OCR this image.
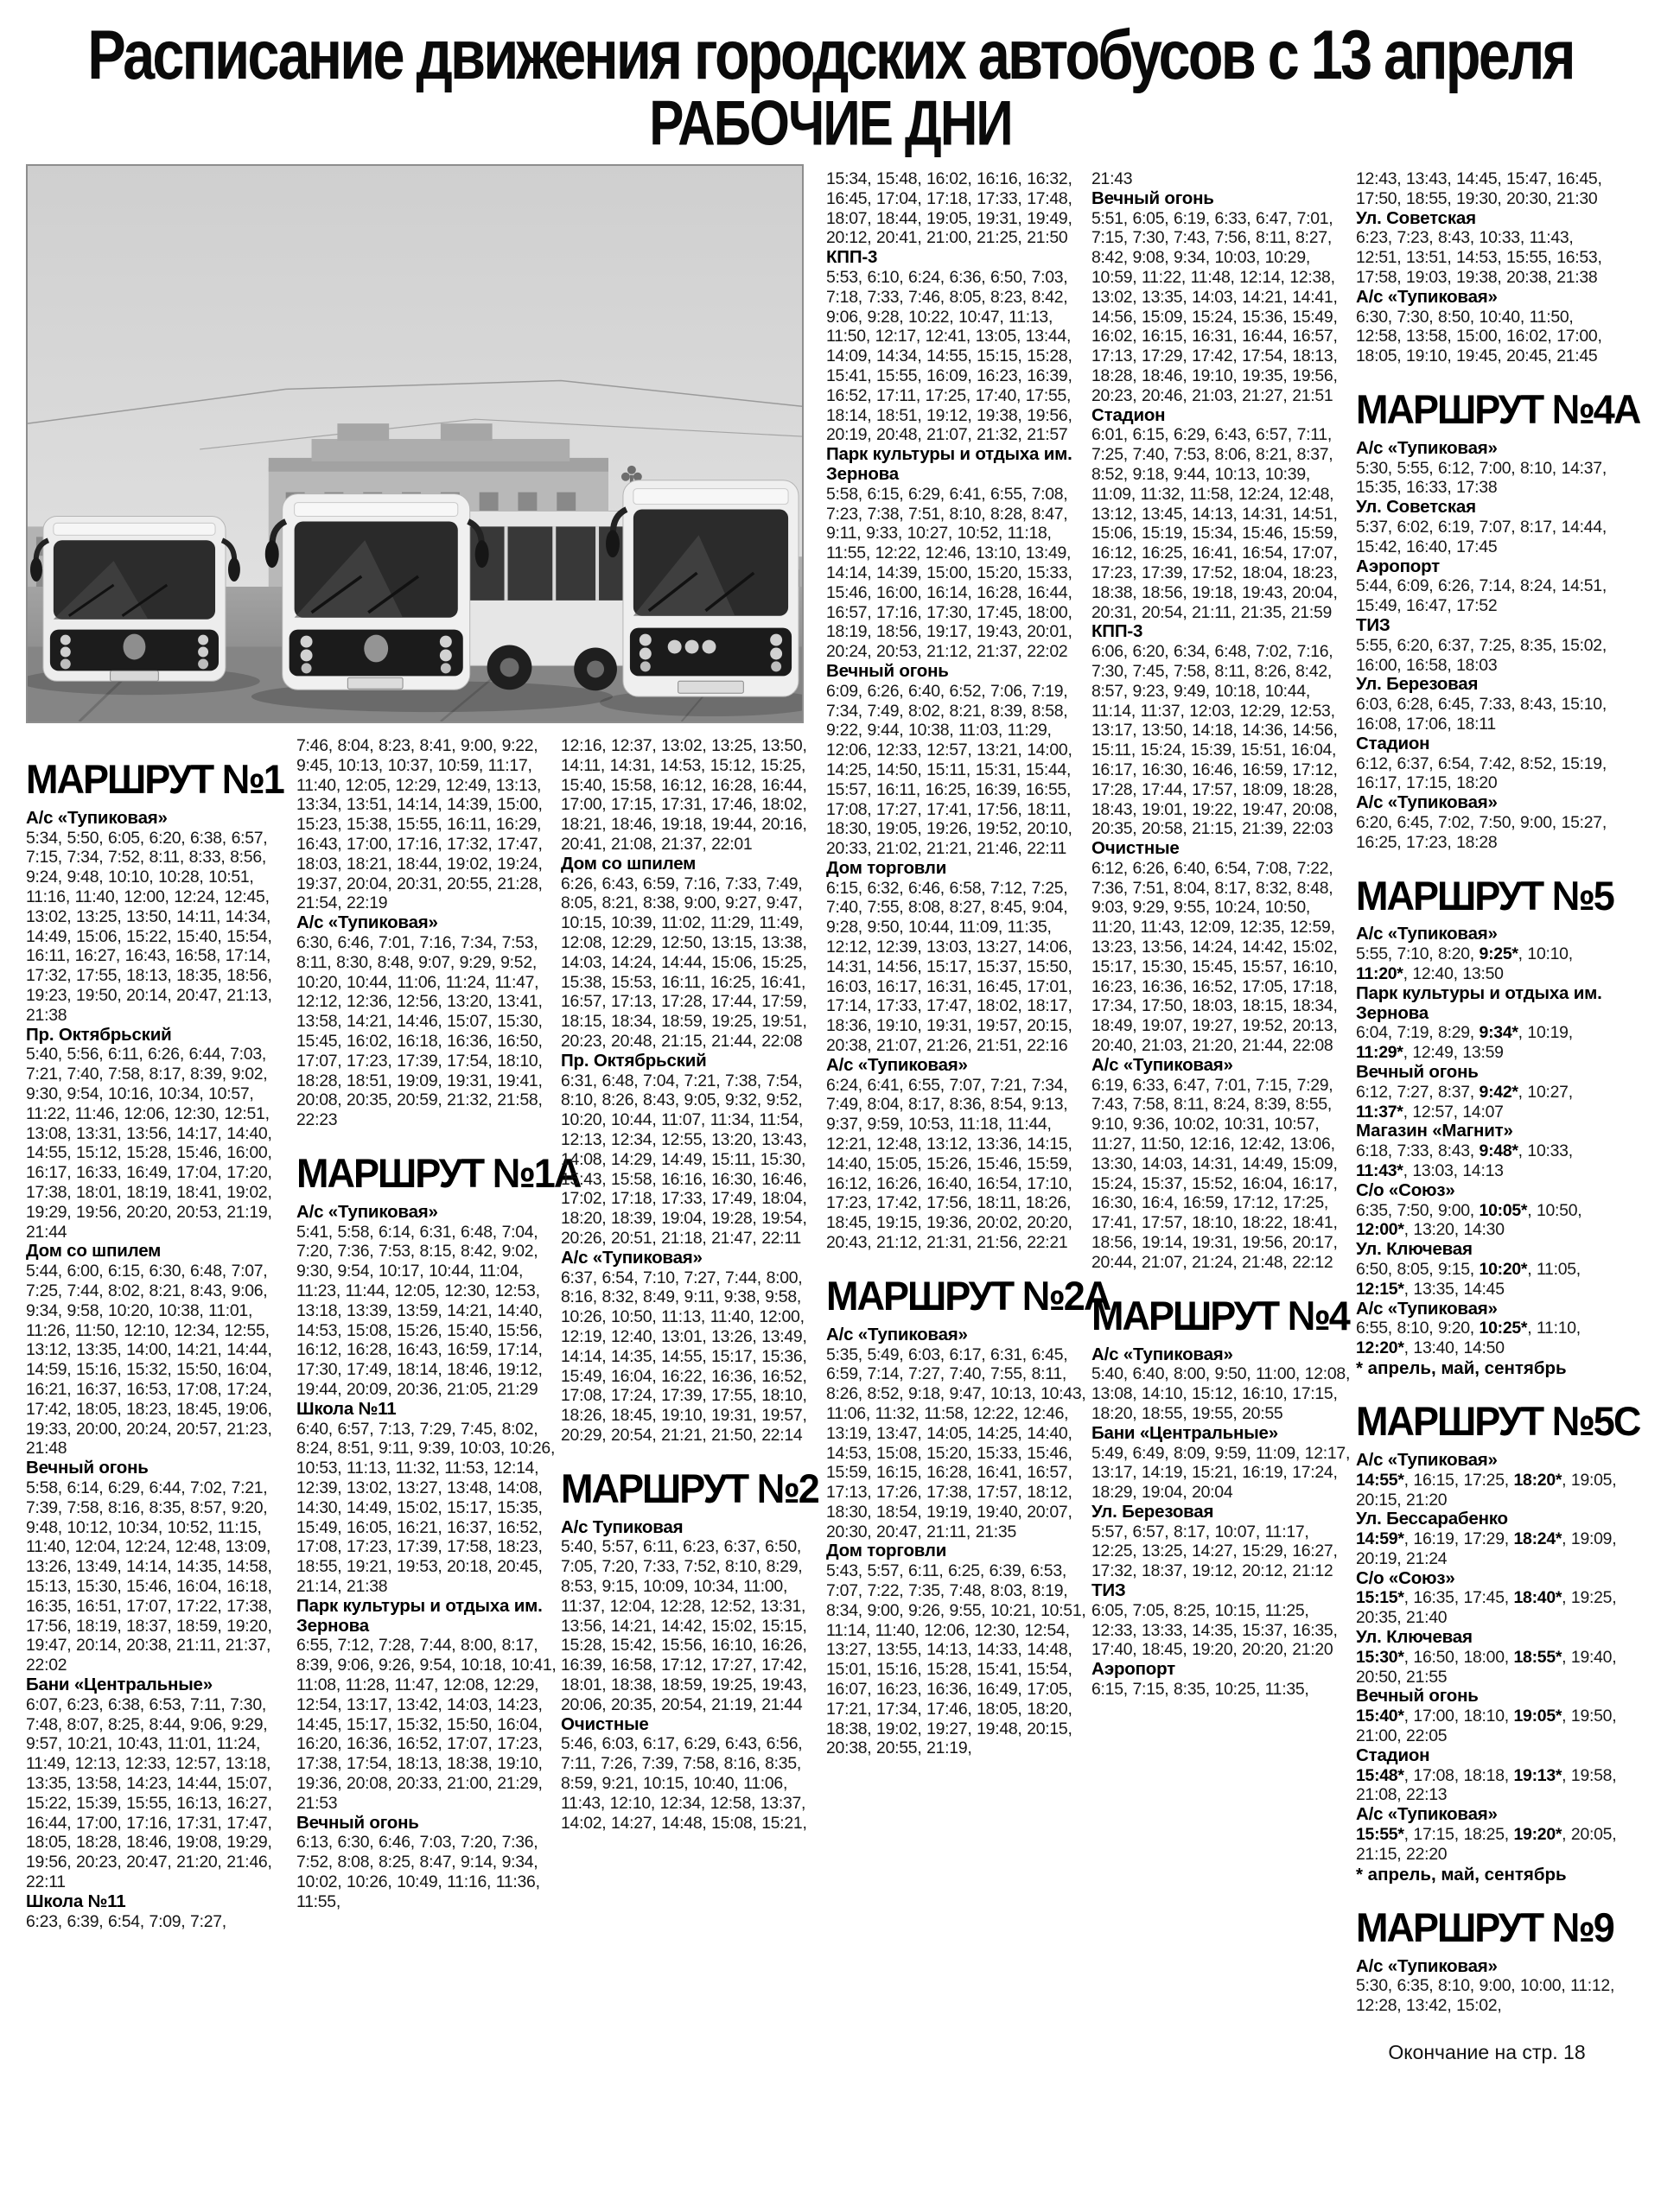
Расписание движения городских автобусов с 13 апреля
РАБОЧИЕ ДНИ
МАРШРУТ №1
А/с «Тупиковая»
5:34, 5:50, 6:05, 6:20, 6:38, 6:57, 7:15, 7:34, 7:52, 8:11, 8:33, 8:56, 9:24, 9:48, 10:10, 10:28, 10:51, 11:16, 11:40, 12:00, 12:24, 12:45, 13:02, 13:25, 13:50, 14:11, 14:34, 14:49, 15:06, 15:22, 15:40, 15:54, 16:11, 16:27, 16:43, 16:58, 17:14, 17:32, 17:55, 18:13, 18:35, 18:56, 19:23, 19:50, 20:14, 20:47, 21:13, 21:38
Пр. Октябрьский
5:40, 5:56, 6:11, 6:26, 6:44, 7:03, 7:21, 7:40, 7:58, 8:17, 8:39, 9:02, 9:30, 9:54, 10:16, 10:34, 10:57, 11:22, 11:46, 12:06, 12:30, 12:51, 13:08, 13:31, 13:56, 14:17, 14:40, 14:55, 15:12, 15:28, 15:46, 16:00, 16:17, 16:33, 16:49, 17:04, 17:20, 17:38, 18:01, 18:19, 18:41, 19:02, 19:29, 19:56, 20:20, 20:53, 21:19, 21:44
Дом со шпилем
5:44, 6:00, 6:15, 6:30, 6:48, 7:07, 7:25, 7:44, 8:02, 8:21, 8:43, 9:06, 9:34, 9:58, 10:20, 10:38, 11:01, 11:26, 11:50, 12:10, 12:34, 12:55, 13:12, 13:35, 14:00, 14:21, 14:44, 14:59, 15:16, 15:32, 15:50, 16:04, 16:21, 16:37, 16:53, 17:08, 17:24, 17:42, 18:05, 18:23, 18:45, 19:06, 19:33, 20:00, 20:24, 20:57, 21:23, 21:48
Вечный огонь
5:58, 6:14, 6:29, 6:44, 7:02, 7:21, 7:39, 7:58, 8:16, 8:35, 8:57, 9:20, 9:48, 10:12, 10:34, 10:52, 11:15, 11:40, 12:04, 12:24, 12:48, 13:09, 13:26, 13:49, 14:14, 14:35, 14:58, 15:13, 15:30, 15:46, 16:04, 16:18, 16:35, 16:51, 17:07, 17:22, 17:38, 17:56, 18:19, 18:37, 18:59, 19:20, 19:47, 20:14, 20:38, 21:11, 21:37, 22:02
Бани «Центральные»
6:07, 6:23, 6:38, 6:53, 7:11, 7:30, 7:48, 8:07, 8:25, 8:44, 9:06, 9:29, 9:57, 10:21, 10:43, 11:01, 11:24, 11:49, 12:13, 12:33, 12:57, 13:18, 13:35, 13:58, 14:23, 14:44, 15:07, 15:22, 15:39, 15:55, 16:13, 16:27, 16:44, 17:00, 17:16, 17:31, 17:47, 18:05, 18:28, 18:46, 19:08, 19:29, 19:56, 20:23, 20:47, 21:20, 21:46, 22:11
Школа №11
6:23, 6:39, 6:54, 7:09, 7:27,
7:46, 8:04, 8:23, 8:41, 9:00, 9:22, 9:45, 10:13, 10:37, 10:59, 11:17, 11:40, 12:05, 12:29, 12:49, 13:13, 13:34, 13:51, 14:14, 14:39, 15:00, 15:23, 15:38, 15:55, 16:11, 16:29, 16:43, 17:00, 17:16, 17:32, 17:47, 18:03, 18:21, 18:44, 19:02, 19:24, 19:37, 20:04, 20:31, 20:55, 21:28, 21:54, 22:19
А/с «Тупиковая»
6:30, 6:46, 7:01, 7:16, 7:34, 7:53, 8:11, 8:30, 8:48, 9:07, 9:29, 9:52, 10:20, 10:44, 11:06, 11:24, 11:47, 12:12, 12:36, 12:56, 13:20, 13:41, 13:58, 14:21, 14:46, 15:07, 15:30, 15:45, 16:02, 16:18, 16:36, 16:50, 17:07, 17:23, 17:39, 17:54, 18:10, 18:28, 18:51, 19:09, 19:31, 19:41, 20:08, 20:35, 20:59, 21:32, 21:58, 22:23
МАРШРУТ №1А
А/с «Тупиковая»
5:41, 5:58, 6:14, 6:31, 6:48, 7:04, 7:20, 7:36, 7:53, 8:15, 8:42, 9:02, 9:30, 9:54, 10:17, 10:44, 11:04, 11:23, 11:44, 12:05, 12:30, 12:53, 13:18, 13:39, 13:59, 14:21, 14:40, 14:53, 15:08, 15:26, 15:40, 15:56, 16:12, 16:28, 16:43, 16:59, 17:14, 17:30, 17:49, 18:14, 18:46, 19:12, 19:44, 20:09, 20:36, 21:05, 21:29
Школа №11
6:40, 6:57, 7:13, 7:29, 7:45, 8:02, 8:24, 8:51, 9:11, 9:39, 10:03, 10:26, 10:53, 11:13, 11:32, 11:53, 12:14, 12:39, 13:02, 13:27, 13:48, 14:08, 14:30, 14:49, 15:02, 15:17, 15:35, 15:49, 16:05, 16:21, 16:37, 16:52, 17:08, 17:23, 17:39, 17:58, 18:23, 18:55, 19:21, 19:53, 20:18, 20:45, 21:14, 21:38
Парк культуры и отдыха им. Зернова
6:55, 7:12, 7:28, 7:44, 8:00, 8:17, 8:39, 9:06, 9:26, 9:54, 10:18, 10:41, 11:08, 11:28, 11:47, 12:08, 12:29, 12:54, 13:17, 13:42, 14:03, 14:23, 14:45, 15:17, 15:32, 15:50, 16:04, 16:20, 16:36, 16:52, 17:07, 17:23, 17:38, 17:54, 18:13, 18:38, 19:10, 19:36, 20:08, 20:33, 21:00, 21:29, 21:53
Вечный огонь
6:13, 6:30, 6:46, 7:03, 7:20, 7:36, 7:52, 8:08, 8:25, 8:47, 9:14, 9:34, 10:02, 10:26, 10:49, 11:16, 11:36, 11:55,
12:16, 12:37, 13:02, 13:25, 13:50, 14:11, 14:31, 14:53, 15:12, 15:25, 15:40, 15:58, 16:12, 16:28, 16:44, 17:00, 17:15, 17:31, 17:46, 18:02, 18:21, 18:46, 19:18, 19:44, 20:16, 20:41, 21:08, 21:37, 22:01
Дом со шпилем
6:26, 6:43, 6:59, 7:16, 7:33, 7:49, 8:05, 8:21, 8:38, 9:00, 9:27, 9:47, 10:15, 10:39, 11:02, 11:29, 11:49, 12:08, 12:29, 12:50, 13:15, 13:38, 14:03, 14:24, 14:44, 15:06, 15:25, 15:38, 15:53, 16:11, 16:25, 16:41, 16:57, 17:13, 17:28, 17:44, 17:59, 18:15, 18:34, 18:59, 19:25, 19:51, 20:23, 20:48, 21:15, 21:44, 22:08
Пр. Октябрьский
6:31, 6:48, 7:04, 7:21, 7:38, 7:54, 8:10, 8:26, 8:43, 9:05, 9:32, 9:52, 10:20, 10:44, 11:07, 11:34, 11:54, 12:13, 12:34, 12:55, 13:20, 13:43, 14:08, 14:29, 14:49, 15:11, 15:30, 15:43, 15:58, 16:16, 16:30, 16:46, 17:02, 17:18, 17:33, 17:49, 18:04, 18:20, 18:39, 19:04, 19:28, 19:54, 20:26, 20:51, 21:18, 21:47, 22:11
А/с «Тупиковая»
6:37, 6:54, 7:10, 7:27, 7:44, 8:00, 8:16, 8:32, 8:49, 9:11, 9:38, 9:58, 10:26, 10:50, 11:13, 11:40, 12:00, 12:19, 12:40, 13:01, 13:26, 13:49, 14:14, 14:35, 14:55, 15:17, 15:36, 15:49, 16:04, 16:22, 16:36, 16:52, 17:08, 17:24, 17:39, 17:55, 18:10, 18:26, 18:45, 19:10, 19:31, 19:57, 20:29, 20:54, 21:21, 21:50, 22:14
МАРШРУТ №2
А/с Тупиковая
5:40, 5:57, 6:11, 6:23, 6:37, 6:50, 7:05, 7:20, 7:33, 7:52, 8:10, 8:29, 8:53, 9:15, 10:09, 10:34, 11:00, 11:37, 12:04, 12:28, 12:52, 13:31, 13:56, 14:21, 14:42, 15:02, 15:15, 15:28, 15:42, 15:56, 16:10, 16:26, 16:39, 16:58, 17:12, 17:27, 17:42, 18:01, 18:38, 18:59, 19:25, 19:43, 20:06, 20:35, 20:54, 21:19, 21:44
Очистные
5:46, 6:03, 6:17, 6:29, 6:43, 6:56, 7:11, 7:26, 7:39, 7:58, 8:16, 8:35, 8:59, 9:21, 10:15, 10:40, 11:06, 11:43, 12:10, 12:34, 12:58, 13:37, 14:02, 14:27, 14:48, 15:08, 15:21,
15:34, 15:48, 16:02, 16:16, 16:32, 16:45, 17:04, 17:18, 17:33, 17:48, 18:07, 18:44, 19:05, 19:31, 19:49, 20:12, 20:41, 21:00, 21:25, 21:50
КПП-3
5:53, 6:10, 6:24, 6:36, 6:50, 7:03, 7:18, 7:33, 7:46, 8:05, 8:23, 8:42, 9:06, 9:28, 10:22, 10:47, 11:13, 11:50, 12:17, 12:41, 13:05, 13:44, 14:09, 14:34, 14:55, 15:15, 15:28, 15:41, 15:55, 16:09, 16:23, 16:39, 16:52, 17:11, 17:25, 17:40, 17:55, 18:14, 18:51, 19:12, 19:38, 19:56, 20:19, 20:48, 21:07, 21:32, 21:57
Парк культуры и отдыха им. Зернова
5:58, 6:15, 6:29, 6:41, 6:55, 7:08, 7:23, 7:38, 7:51, 8:10, 8:28, 8:47, 9:11, 9:33, 10:27, 10:52, 11:18, 11:55, 12:22, 12:46, 13:10, 13:49, 14:14, 14:39, 15:00, 15:20, 15:33, 15:46, 16:00, 16:14, 16:28, 16:44, 16:57, 17:16, 17:30, 17:45, 18:00, 18:19, 18:56, 19:17, 19:43, 20:01, 20:24, 20:53, 21:12, 21:37, 22:02
Вечный огонь
6:09, 6:26, 6:40, 6:52, 7:06, 7:19, 7:34, 7:49, 8:02, 8:21, 8:39, 8:58, 9:22, 9:44, 10:38, 11:03, 11:29, 12:06, 12:33, 12:57, 13:21, 14:00, 14:25, 14:50, 15:11, 15:31, 15:44, 15:57, 16:11, 16:25, 16:39, 16:55, 17:08, 17:27, 17:41, 17:56, 18:11, 18:30, 19:05, 19:26, 19:52, 20:10, 20:33, 21:02, 21:21, 21:46, 22:11
Дом торговли
6:15, 6:32, 6:46, 6:58, 7:12, 7:25, 7:40, 7:55, 8:08, 8:27, 8:45, 9:04, 9:28, 9:50, 10:44, 11:09, 11:35, 12:12, 12:39, 13:03, 13:27, 14:06, 14:31, 14:56, 15:17, 15:37, 15:50, 16:03, 16:17, 16:31, 16:45, 17:01, 17:14, 17:33, 17:47, 18:02, 18:17, 18:36, 19:10, 19:31, 19:57, 20:15, 20:38, 21:07, 21:26, 21:51, 22:16
А/с «Тупиковая»
6:24, 6:41, 6:55, 7:07, 7:21, 7:34, 7:49, 8:04, 8:17, 8:36, 8:54, 9:13, 9:37, 9:59, 10:53, 11:18, 11:44, 12:21, 12:48, 13:12, 13:36, 14:15, 14:40, 15:05, 15:26, 15:46, 15:59, 16:12, 16:26, 16:40, 16:54, 17:10, 17:23, 17:42, 17:56, 18:11, 18:26, 18:45, 19:15, 19:36, 20:02, 20:20, 20:43, 21:12, 21:31, 21:56, 22:21
МАРШРУТ №2А
А/с «Тупиковая»
5:35, 5:49, 6:03, 6:17, 6:31, 6:45, 6:59, 7:14, 7:27, 7:40, 7:55, 8:11, 8:26, 8:52, 9:18, 9:47, 10:13, 10:43, 11:06, 11:32, 11:58, 12:22, 12:46, 13:19, 13:47, 14:05, 14:25, 14:40, 14:53, 15:08, 15:20, 15:33, 15:46, 15:59, 16:15, 16:28, 16:41, 16:57, 17:13, 17:26, 17:38, 17:57, 18:12, 18:30, 18:54, 19:19, 19:40, 20:07, 20:30, 20:47, 21:11, 21:35
Дом торговли
5:43, 5:57, 6:11, 6:25, 6:39, 6:53, 7:07, 7:22, 7:35, 7:48, 8:03, 8:19, 8:34, 9:00, 9:26, 9:55, 10:21, 10:51, 11:14, 11:40, 12:06, 12:30, 12:54, 13:27, 13:55, 14:13, 14:33, 14:48, 15:01, 15:16, 15:28, 15:41, 15:54, 16:07, 16:23, 16:36, 16:49, 17:05, 17:21, 17:34, 17:46, 18:05, 18:20, 18:38, 19:02, 19:27, 19:48, 20:15, 20:38, 20:55, 21:19,
21:43
Вечный огонь
5:51, 6:05, 6:19, 6:33, 6:47, 7:01, 7:15, 7:30, 7:43, 7:56, 8:11, 8:27, 8:42, 9:08, 9:34, 10:03, 10:29, 10:59, 11:22, 11:48, 12:14, 12:38, 13:02, 13:35, 14:03, 14:21, 14:41, 14:56, 15:09, 15:24, 15:36, 15:49, 16:02, 16:15, 16:31, 16:44, 16:57, 17:13, 17:29, 17:42, 17:54, 18:13, 18:28, 18:46, 19:10, 19:35, 19:56, 20:23, 20:46, 21:03, 21:27, 21:51
Стадион
6:01, 6:15, 6:29, 6:43, 6:57, 7:11, 7:25, 7:40, 7:53, 8:06, 8:21, 8:37, 8:52, 9:18, 9:44, 10:13, 10:39, 11:09, 11:32, 11:58, 12:24, 12:48, 13:12, 13:45, 14:13, 14:31, 14:51, 15:06, 15:19, 15:34, 15:46, 15:59, 16:12, 16:25, 16:41, 16:54, 17:07, 17:23, 17:39, 17:52, 18:04, 18:23, 18:38, 18:56, 19:18, 19:43, 20:04, 20:31, 20:54, 21:11, 21:35, 21:59
КПП-3
6:06, 6:20, 6:34, 6:48, 7:02, 7:16, 7:30, 7:45, 7:58, 8:11, 8:26, 8:42, 8:57, 9:23, 9:49, 10:18, 10:44, 11:14, 11:37, 12:03, 12:29, 12:53, 13:17, 13:50, 14:18, 14:36, 14:56, 15:11, 15:24, 15:39, 15:51, 16:04, 16:17, 16:30, 16:46, 16:59, 17:12, 17:28, 17:44, 17:57, 18:09, 18:28, 18:43, 19:01, 19:22, 19:47, 20:08, 20:35, 20:58, 21:15, 21:39, 22:03
Очистные
6:12, 6:26, 6:40, 6:54, 7:08, 7:22, 7:36, 7:51, 8:04, 8:17, 8:32, 8:48, 9:03, 9:29, 9:55, 10:24, 10:50, 11:20, 11:43, 12:09, 12:35, 12:59, 13:23, 13:56, 14:24, 14:42, 15:02, 15:17, 15:30, 15:45, 15:57, 16:10, 16:23, 16:36, 16:52, 17:05, 17:18, 17:34, 17:50, 18:03, 18:15, 18:34, 18:49, 19:07, 19:27, 19:52, 20:13, 20:40, 21:03, 21:20, 21:44, 22:08
А/с «Тупиковая»
6:19, 6:33, 6:47, 7:01, 7:15, 7:29, 7:43, 7:58, 8:11, 8:24, 8:39, 8:55, 9:10, 9:36, 10:02, 10:31, 10:57, 11:27, 11:50, 12:16, 12:42, 13:06, 13:30, 14:03, 14:31, 14:49, 15:09, 15:24, 15:37, 15:52, 16:04, 16:17, 16:30, 16:4, 16:59, 17:12, 17:25, 17:41, 17:57, 18:10, 18:22, 18:41, 18:56, 19:14, 19:31, 19:56, 20:17, 20:44, 21:07, 21:24, 21:48, 22:12
МАРШРУТ №4
А/с «Тупиковая»
5:40, 6:40, 8:00, 9:50, 11:00, 12:08, 13:08, 14:10, 15:12, 16:10, 17:15, 18:20, 18:55, 19:55, 20:55
Бани «Центральные»
5:49, 6:49, 8:09, 9:59, 11:09, 12:17, 13:17, 14:19, 15:21, 16:19, 17:24, 18:29, 19:04, 20:04
Ул. Березовая
5:57, 6:57, 8:17, 10:07, 11:17, 12:25, 13:25, 14:27, 15:29, 16:27, 17:32, 18:37, 19:12, 20:12, 21:12
ТИЗ
6:05, 7:05, 8:25, 10:15, 11:25, 12:33, 13:33, 14:35, 15:37, 16:35, 17:40, 18:45, 19:20, 20:20, 21:20
Аэропорт
6:15, 7:15, 8:35, 10:25, 11:35,
12:43, 13:43, 14:45, 15:47, 16:45, 17:50, 18:55, 19:30, 20:30, 21:30
Ул. Советская
6:23, 7:23, 8:43, 10:33, 11:43, 12:51, 13:51, 14:53, 15:55, 16:53, 17:58, 19:03, 19:38, 20:38, 21:38
А/с «Тупиковая»
6:30, 7:30, 8:50, 10:40, 11:50, 12:58, 13:58, 15:00, 16:02, 17:00, 18:05, 19:10, 19:45, 20:45, 21:45
МАРШРУТ №4А
А/с «Тупиковая»
5:30, 5:55, 6:12, 7:00, 8:10, 14:37, 15:35, 16:33, 17:38
Ул. Советская
5:37, 6:02, 6:19, 7:07, 8:17, 14:44, 15:42, 16:40, 17:45
Аэропорт
5:44, 6:09, 6:26, 7:14, 8:24, 14:51, 15:49, 16:47, 17:52
ТИЗ
5:55, 6:20, 6:37, 7:25, 8:35, 15:02, 16:00, 16:58, 18:03
Ул. Березовая
6:03, 6:28, 6:45, 7:33, 8:43, 15:10, 16:08, 17:06, 18:11
Стадион
6:12, 6:37, 6:54, 7:42, 8:52, 15:19, 16:17, 17:15, 18:20
А/с «Тупиковая»
6:20, 6:45, 7:02, 7:50, 9:00, 15:27, 16:25, 17:23, 18:28
МАРШРУТ №5
А/с «Тупиковая»
5:55, 7:10, 8:20, 9:25*, 10:10, 11:20*, 12:40, 13:50
Парк культуры и отдыха им. Зернова
6:04, 7:19, 8:29, 9:34*, 10:19, 11:29*, 12:49, 13:59
Вечный огонь
6:12, 7:27, 8:37, 9:42*, 10:27, 11:37*, 12:57, 14:07
Магазин «Магнит»
6:18, 7:33, 8:43, 9:48*, 10:33, 11:43*, 13:03, 14:13
С/о «Союз»
6:35, 7:50, 9:00, 10:05*, 10:50, 12:00*, 13:20, 14:30
Ул. Ключевая
6:50, 8:05, 9:15, 10:20*, 11:05, 12:15*, 13:35, 14:45
А/с «Тупиковая»
6:55, 8:10, 9:20, 10:25*, 11:10, 12:20*, 13:40, 14:50
* апрель, май, сентябрь
МАРШРУТ №5С
А/с «Тупиковая»
14:55*, 16:15, 17:25, 18:20*, 19:05, 20:15, 21:20
Ул. Бессарабенко
14:59*, 16:19, 17:29, 18:24*, 19:09, 20:19, 21:24
С/о «Союз»
15:15*, 16:35, 17:45, 18:40*, 19:25, 20:35, 21:40
Ул. Ключевая
15:30*, 16:50, 18:00, 18:55*, 19:40, 20:50, 21:55
Вечный огонь
15:40*, 17:00, 18:10, 19:05*, 19:50, 21:00, 22:05
Стадион
15:48*, 17:08, 18:18, 19:13*, 19:58, 21:08, 22:13
А/с «Тупиковая»
15:55*, 17:15, 18:25, 19:20*, 20:05, 21:15, 22:20
* апрель, май, сентябрь
МАРШРУТ №9
А/с «Тупиковая»
5:30, 6:35, 8:10, 9:00, 10:00, 11:12, 12:28, 13:42, 15:02,
Окончание на стр. 18
